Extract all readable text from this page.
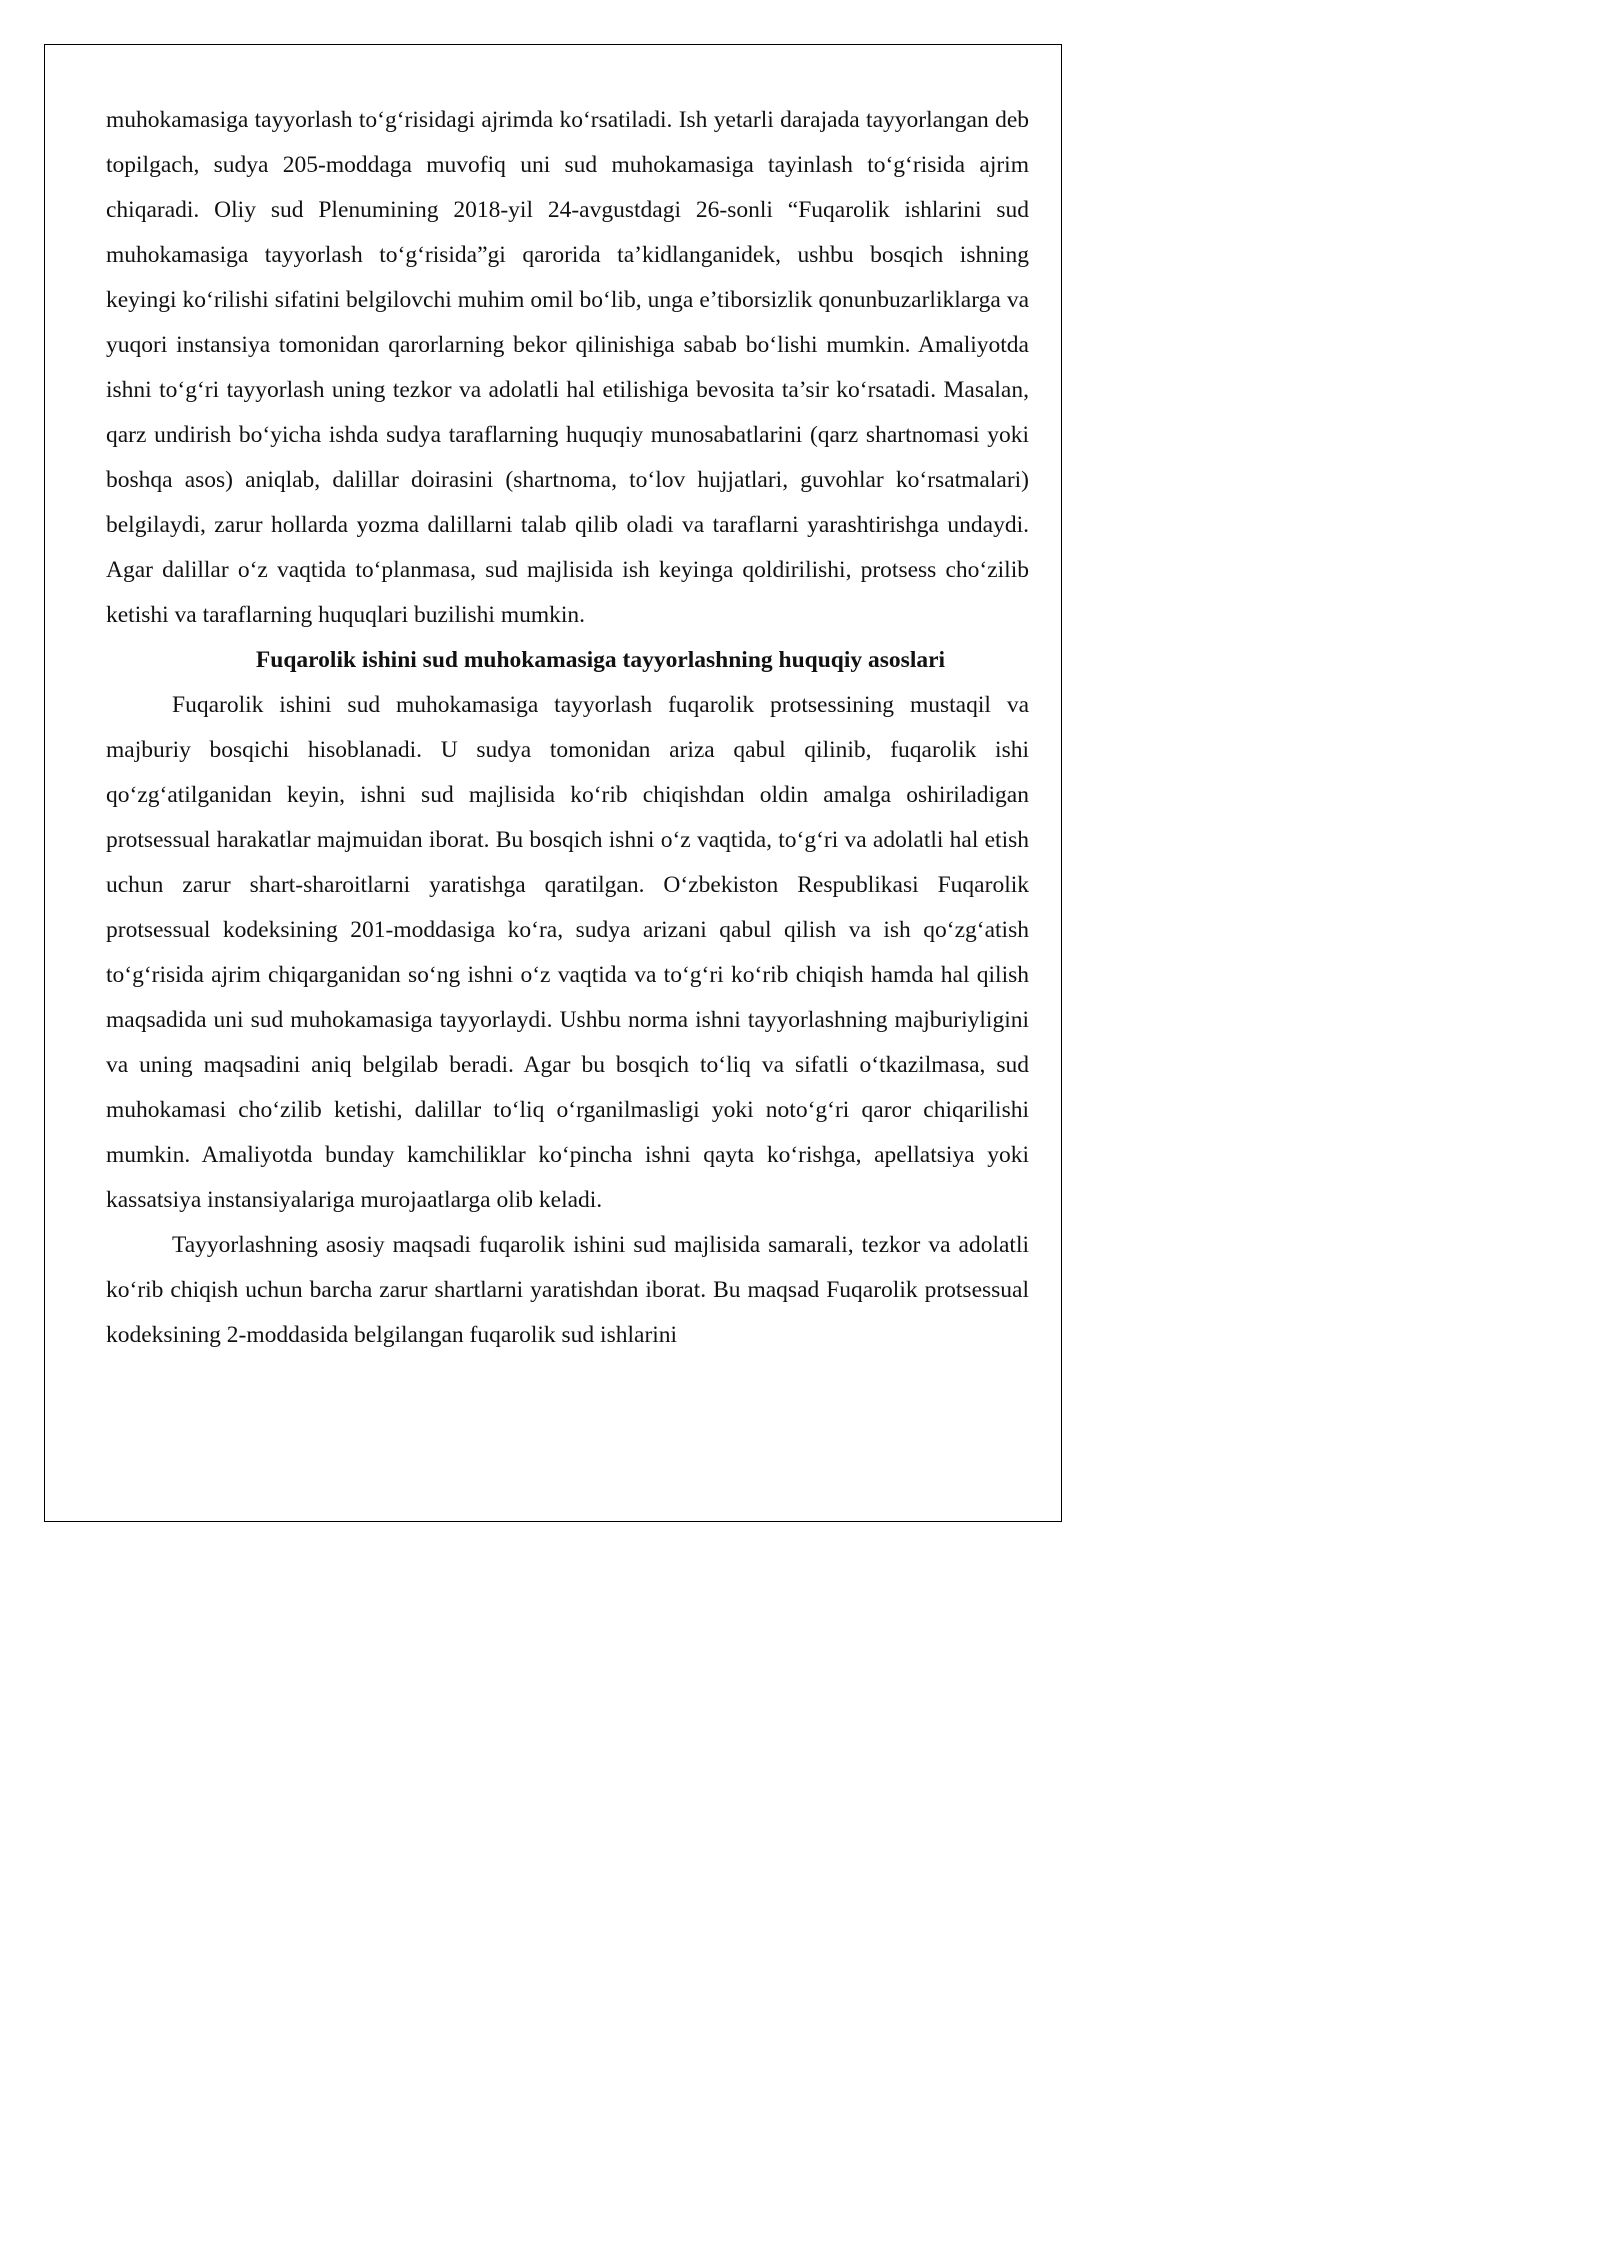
muhokamasiga tayyorlash to‘g‘risidagi ajrimda ko‘rsatiladi. Ish yetarli darajada tayyorlangan deb topilgach, sudya 205-moddaga muvofiq uni sud muhokamasiga tayinlash to‘g‘risida ajrim chiqaradi. Oliy sud Plenumining 2018-yil 24-avgustdagi 26-sonli “Fuqarolik ishlarini sud muhokamasiga tayyorlash to‘g‘risida”gi qarorida ta’kidlanganidek, ushbu bosqich ishning keyingi ko‘rilishi sifatini belgilovchi muhim omil bo‘lib, unga e’tiborsizlik qonunbuzarliklarga va yuqori instansiya tomonidan qarorlarning bekor qilinishiga sabab bo‘lishi mumkin. Amaliyotda ishni to‘g‘ri tayyorlash uning tezkor va adolatli hal etilishiga bevosita ta’sir ko‘rsatadi. Masalan, qarz undirish bo‘yicha ishda sudya taraflarning huquqiy munosabatlarini (qarz shartnomasi yoki boshqa asos) aniqlab, dalillar doirasini (shartnoma, to‘lov hujjatlari, guvohlar ko‘rsatmalari) belgilaydi, zarur hollarda yozma dalillarni talab qilib oladi va taraflarni yarashtirishga undaydi. Agar dalillar o‘z vaqtida to‘planmasa, sud majlisida ish keyinga qoldirilishi, protsess cho‘zilib ketishi va taraflarning huquqlari buzilishi mumkin.

Fuqarolik ishini sud muhokamasiga tayyorlashning huquqiy asoslari

Fuqarolik ishini sud muhokamasiga tayyorlash fuqarolik protsessining mustaqil va majburiy bosqichi hisoblanadi. U sudya tomonidan ariza qabul qilinib, fuqarolik ishi qo‘zg‘atilganidan keyin, ishni sud majlisida ko‘rib chiqishdan oldin amalga oshiriladigan protsessual harakatlar majmuidan iborat. Bu bosqich ishni o‘z vaqtida, to‘g‘ri va adolatli hal etish uchun zarur shart-sharoitlarni yaratishga qaratilgan. O‘zbekiston Respublikasi Fuqarolik protsessual kodeksining 201-moddasiga ko‘ra, sudya arizani qabul qilish va ish qo‘zg‘atish to‘g‘risida ajrim chiqarganidan so‘ng ishni o‘z vaqtida va to‘g‘ri ko‘rib chiqish hamda hal qilish maqsadida uni sud muhokamasiga tayyorlaydi. Ushbu norma ishni tayyorlashning majburiyligini va uning maqsadini aniq belgilab beradi. Agar bu bosqich to‘liq va sifatli o‘tkazilmasa, sud muhokamasi cho‘zilib ketishi, dalillar to‘liq o‘rganilmasligi yoki noto‘g‘ri qaror chiqarilishi mumkin. Amaliyotda bunday kamchiliklar ko‘pincha ishni qayta ko‘rishga, apellatsiya yoki kassatsiya instansiyalariga murojaatlarga olib keladi.

Tayyorlashning asosiy maqsadi fuqarolik ishini sud majlisida samarali, tezkor va adolatli ko‘rib chiqish uchun barcha zarur shartlarni yaratishdan iborat. Bu maqsad Fuqarolik protsessual kodeksining 2-moddasida belgilangan fuqarolik sud ishlarini
